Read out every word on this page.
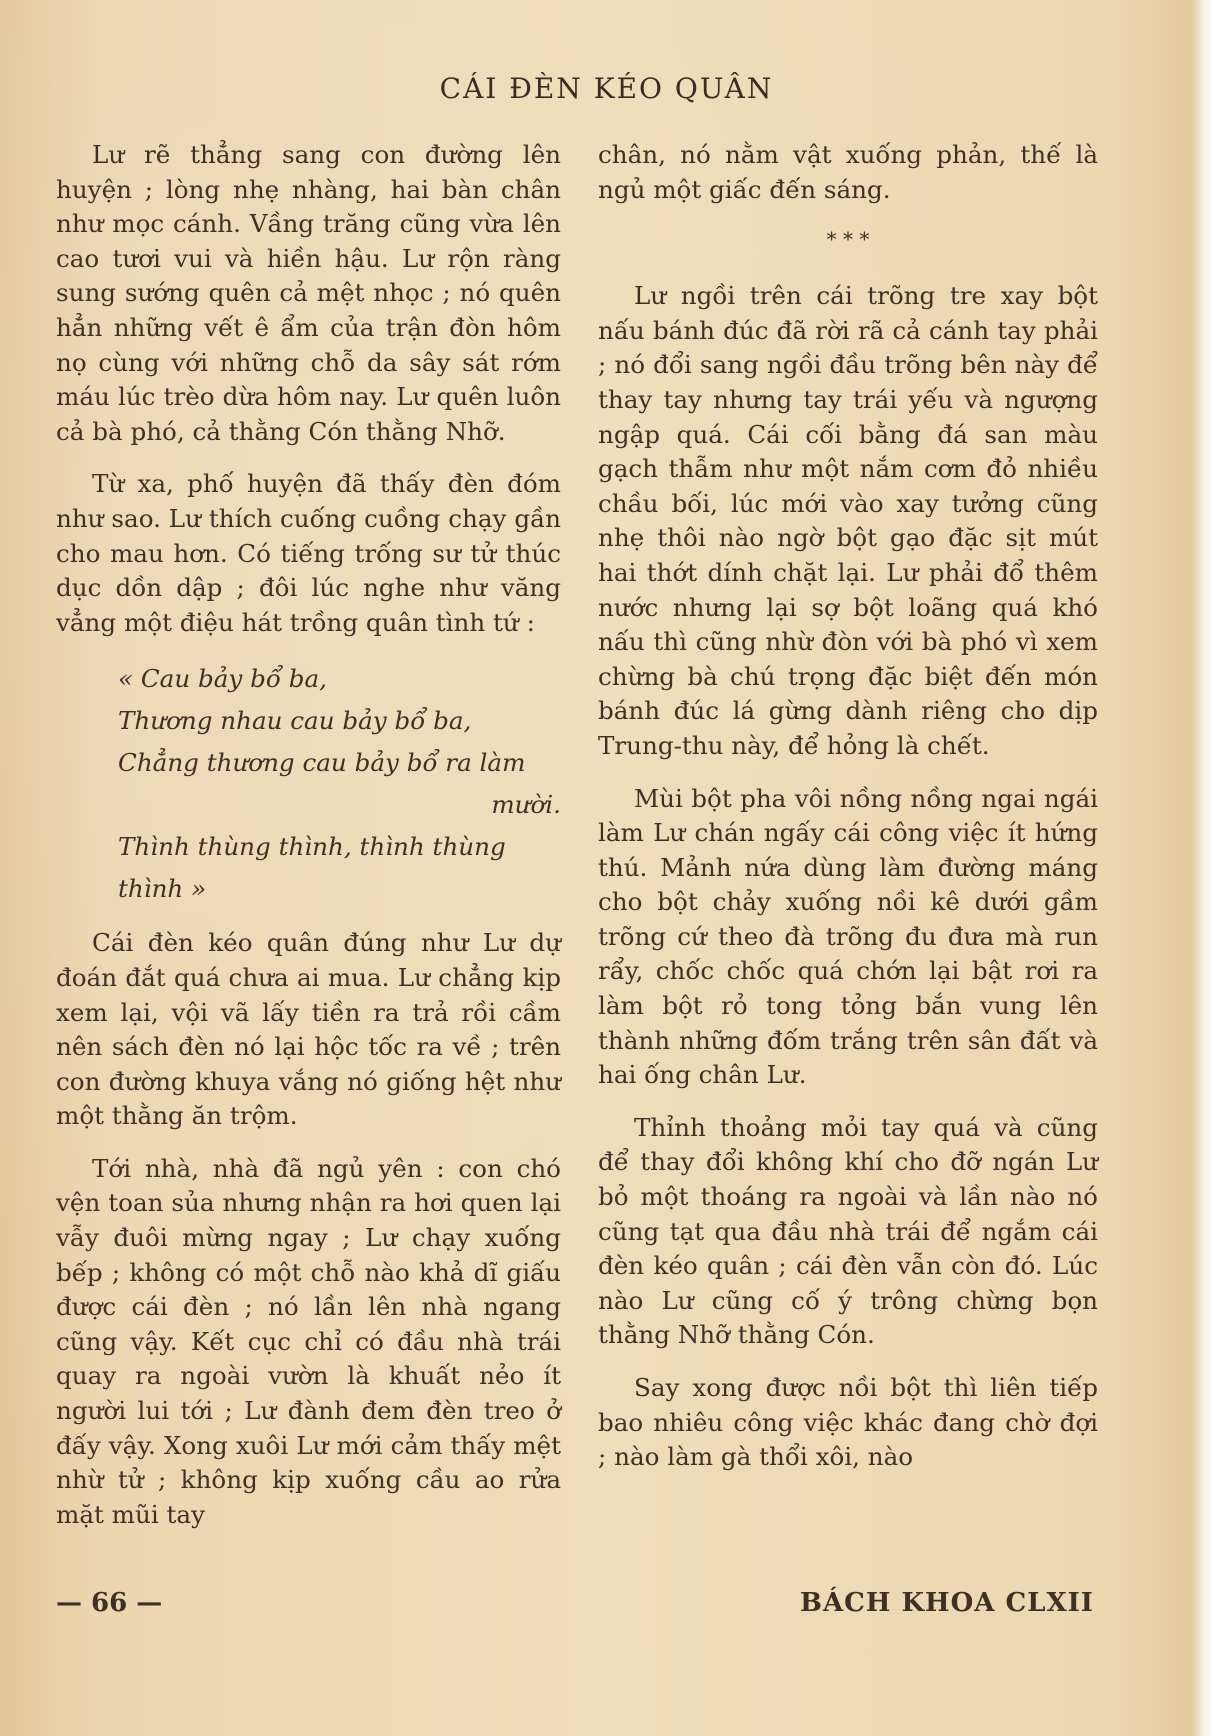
CÁI ĐÈN KÉO QUÂN

Lư rẽ thẳng sang con đường lên huyện ; lòng nhẹ nhàng, hai bàn chân như mọc cánh. Vầng trăng cũng vừa lên cao tươi vui và hiền hậu. Lư rộn ràng sung sướng quên cả mệt nhọc ; nó quên hẳn những vết ê ẩm của trận đòn hôm nọ cùng với những chỗ da sây sát rớm máu lúc trèo dừa hôm nay. Lư quên luôn cả bà phó, cả thằng Cón thằng Nhỡ.

Từ xa, phố huyện đã thấy đèn đóm như sao. Lư thích cuống cuồng chạy gần cho mau hơn. Có tiếng trống sư tử thúc dục dồn dập ; đôi lúc nghe như văng vẳng một điệu hát trồng quân tình tứ :

« Cau bảy bổ ba,
Thương nhau cau bảy bổ ba,
Chẳng thương cau bảy bổ ra làm
mười.
Thình thùng thình, thình thùng thình »

Cái đèn kéo quân đúng như Lư dự đoán đắt quá chưa ai mua. Lư chẳng kịp xem lại, vội vã lấy tiền ra trả rồi cầm nên sách đèn nó lại hộc tốc ra về ; trên con đường khuya vắng nó giống hệt như một thằng ăn trộm.

Tới nhà, nhà đã ngủ yên : con chó vện toan sủa nhưng nhận ra hơi quen lại vẫy đuôi mừng ngay ; Lư chạy xuống bếp ; không có một chỗ nào khả dĩ giấu được cái đèn ; nó lần lên nhà ngang cũng vậy. Kết cục chỉ có đầu nhà trái quay ra ngoài vườn là khuất nẻo ít người lui tới ; Lư đành đem đèn treo ở đấy vậy. Xong xuôi Lư mới cảm thấy mệt nhừ tử ; không kịp xuống cầu ao rửa mặt mũi tay

chân, nó nằm vật xuống phản, thế là ngủ một giấc đến sáng.

* * *

Lư ngồi trên cái trõng tre xay bột nấu bánh đúc đã rời rã cả cánh tay phải ; nó đổi sang ngồi đầu trõng bên này để thay tay nhưng tay trái yếu và ngượng ngập quá. Cái cối bằng đá san màu gạch thẫm như một nắm cơm đỏ nhiều chầu bối, lúc mới vào xay tưởng cũng nhẹ thôi nào ngờ bột gạo đặc sịt mút hai thớt dính chặt lại. Lư phải đổ thêm nước nhưng lại sợ bột loãng quá khó nấu thì cũng nhừ đòn với bà phó vì xem chừng bà chú trọng đặc biệt đến món bánh đúc lá gừng dành riêng cho dịp Trung-thu này, để hỏng là chết.

Mùi bột pha vôi nồng nồng ngai ngái làm Lư chán ngấy cái công việc ít hứng thú. Mảnh nứa dùng làm đường máng cho bột chảy xuống nồi kê dưới gầm trõng cứ theo đà trõng đu đưa mà run rẩy, chốc chốc quá chớn lại bật rơi ra làm bột rỏ tong tỏng bắn vung lên thành những đốm trắng trên sân đất và hai ống chân Lư.

Thỉnh thoảng mỏi tay quá và cũng để thay đổi không khí cho đỡ ngán Lư bỏ một thoáng ra ngoài và lần nào nó cũng tạt qua đầu nhà trái để ngắm cái đèn kéo quân ; cái đèn vẫn còn đó. Lúc nào Lư cũng cố ý trông chừng bọn thằng Nhỡ thằng Cón.

Say xong được nồi bột thì liên tiếp bao nhiêu công việc khác đang chờ đợi ; nào làm gà thổi xôi, nào

— 66 —	BÁCH KHOA CLXII
